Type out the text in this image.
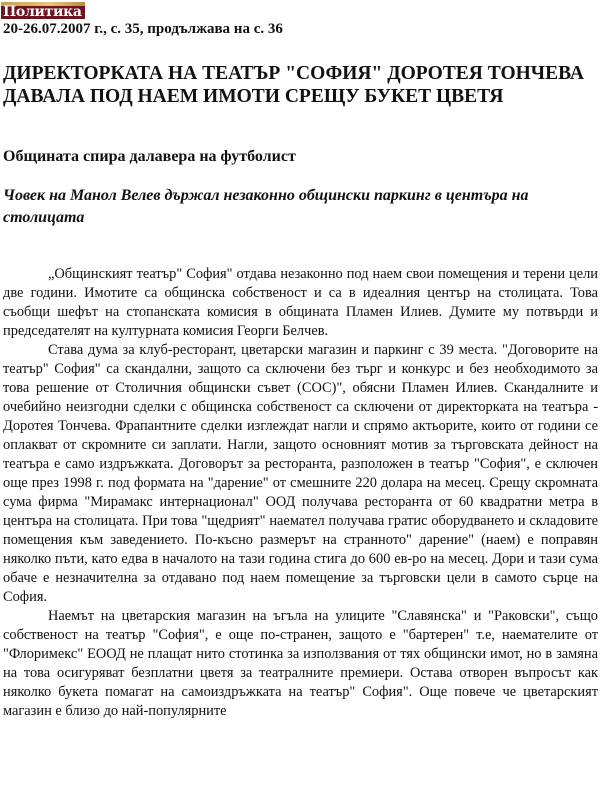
Политика
20-26.07.2007 г., с. 35, продължава на с. 36
ДИРЕКТОРКАТА НА ТЕАТЪР "СОФИЯ" ДОРОТЕЯ ТОНЧЕВА ДАВАЛА ПОД НАЕМ ИМОТИ СРЕЩУ БУКЕТ ЦВЕТЯ
Общината спира далавера на футболист
Човек на Манол Велев държал незаконно общински паркинг в центъра на столицата

„Общинският театър" София" отдава незаконно под наем свои помещения и терени цели две години. Имотите са общинска собственост и са в идеалния център на столицата. Това съобщи шефът на стопанската комисия в общината Пламен Илиев. Думите му потвърди и председателят на културната комисия Георги Белчев.

Става дума за клуб-ресторант, цветарски магазин и паркинг с 39 места. "Договорите на театър" София" са скандални, защото са сключени без търг и конкурс и без необходимото за това решение от Столичния общински съвет (СОС)", обясни Пламен Илиев. Скандалните и очебийно неизгодни сделки с общинска собственост са сключени от директорката на театъра - Доротея Тончева. Фрапантните сделки изглеждат нагли и спрямо актьорите, които от години се оплакват от скромните си заплати. Нагли, защото основният мотив за търговската дейност на театъра е само издръжката. Договорът за ресторанта, разположен в театър "София", е сключен още през 1998 г. под формата на "дарение" от смешните 220 долара на месец. Срещу скромната сума фирма "Мирамакс интернационал" ООД получава ресторанта от 60 квадратни метра в центъра на столицата. При това "щедрият" наемател получава гратис оборудването и складовите помещения към заведението. По-късно размерът на странното" дарение" (наем) е поправян няколко пъти, като едва в началото на тази година стига до 600 ев-ро на месец. Дори и тази сума обаче е незначителна за отдавано под наем помещение за търговски цели в самото сърце на София.

Наемът на цветарския магазин на ъгъла на улиците "Славянска" и "Раковски", също собственост на театър "София", е още по-странен, защото е "бартерен" т.е, наемателите от "Флоримекс" ЕООД не плащат нито стотинка за използвания от тях общински имот, но в замяна на това осигуряват безплатни цветя за театралните премиери. Остава отворен въпросът как няколко букета помагат на самоиздръжката на театър" София". Още повече че цветарският магазин е близо до най-популярните
